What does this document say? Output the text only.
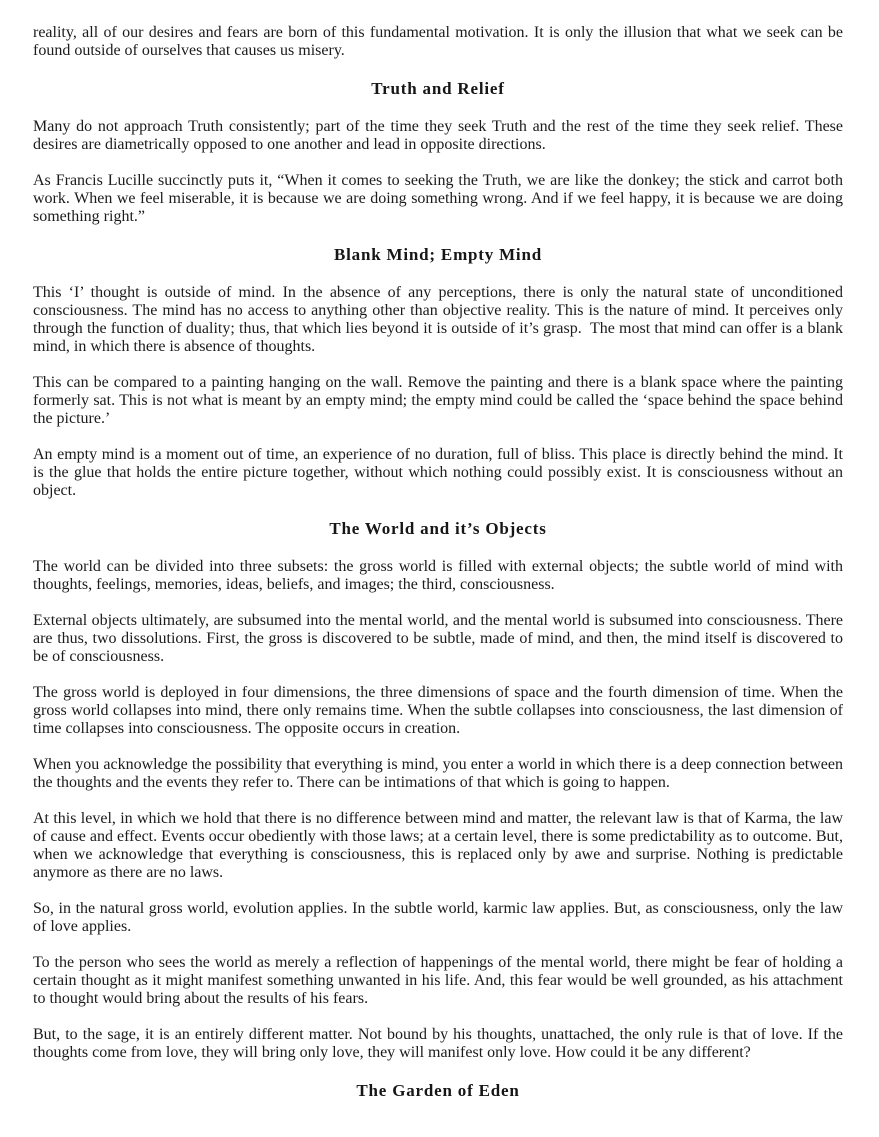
reality, all of our desires and fears are born of this fundamental motivation. It is only the illusion that what we seek can be found outside of ourselves that causes us misery.

Truth and Relief

Many do not approach Truth consistently; part of the time they seek Truth and the rest of the time they seek relief. These desires are diametrically opposed to one another and lead in opposite directions.

As Francis Lucille succinctly puts it, “When it comes to seeking the Truth, we are like the donkey; the stick and carrot both work. When we feel miserable, it is because we are doing something wrong. And if we feel happy, it is because we are doing something right.”

Blank Mind; Empty Mind

This ‘I’ thought is outside of mind. In the absence of any perceptions, there is only the natural state of unconditioned consciousness. The mind has no access to anything other than objective reality. This is the nature of mind. It perceives only through the function of duality; thus, that which lies beyond it is outside of it’s grasp.  The most that mind can offer is a blank mind, in which there is absence of thoughts.

This can be compared to a painting hanging on the wall. Remove the painting and there is a blank space where the painting formerly sat. This is not what is meant by an empty mind; the empty mind could be called the ‘space behind the space behind the picture.’

An empty mind is a moment out of time, an experience of no duration, full of bliss. This place is directly behind the mind. It is the glue that holds the entire picture together, without which nothing could possibly exist. It is consciousness without an object.

The World and it’s Objects

The world can be divided into three subsets: the gross world is filled with external objects; the subtle world of mind with thoughts, feelings, memories, ideas, beliefs, and images; the third, consciousness.

External objects ultimately, are subsumed into the mental world, and the mental world is subsumed into consciousness. There are thus, two dissolutions. First, the gross is discovered to be subtle, made of mind, and then, the mind itself is discovered to be of consciousness.

The gross world is deployed in four dimensions, the three dimensions of space and the fourth dimension of time. When the gross world collapses into mind, there only remains time. When the subtle collapses into consciousness, the last dimension of time collapses into consciousness. The opposite occurs in creation.

When you acknowledge the possibility that everything is mind, you enter a world in which there is a deep connection between the thoughts and the events they refer to. There can be intimations of that which is going to happen.

At this level, in which we hold that there is no difference between mind and matter, the relevant law is that of Karma, the law of cause and effect. Events occur obediently with those laws; at a certain level, there is some predictability as to outcome. But, when we acknowledge that everything is consciousness, this is replaced only by awe and surprise. Nothing is predictable anymore as there are no laws.

So, in the natural gross world, evolution applies. In the subtle world, karmic law applies. But, as consciousness, only the law of love applies.

To the person who sees the world as merely a reflection of happenings of the mental world, there might be fear of holding a certain thought as it might manifest something unwanted in his life. And, this fear would be well grounded, as his attachment to thought would bring about the results of his fears.

But, to the sage, it is an entirely different matter. Not bound by his thoughts, unattached, the only rule is that of love. If the thoughts come from love, they will bring only love, they will manifest only love. How could it be any different?

The Garden of Eden
